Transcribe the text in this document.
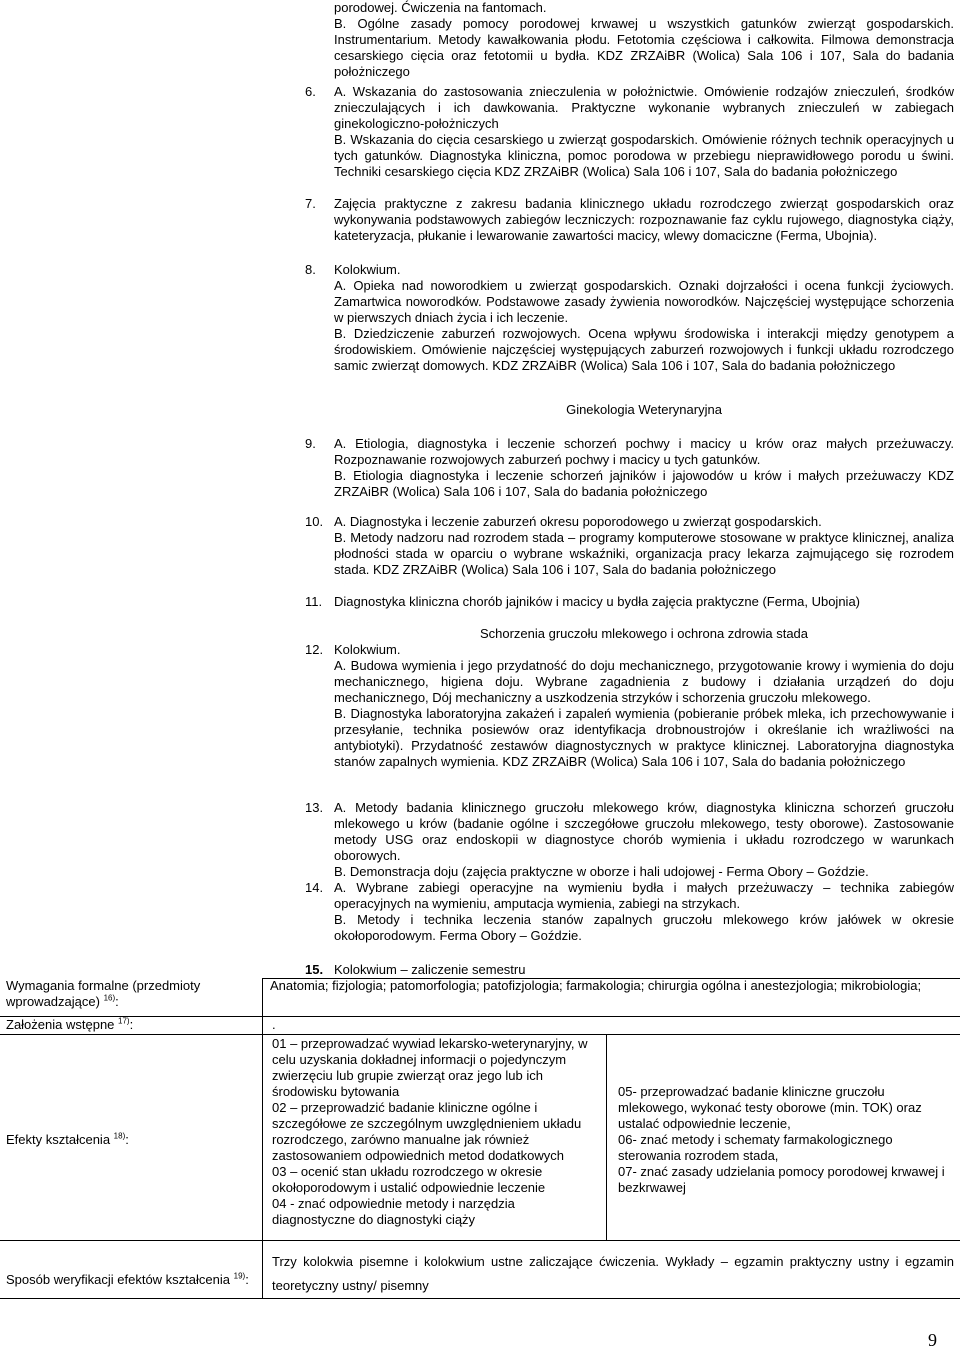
porodowej. Ćwiczenia na fantomach.
B. Ogólne zasady pomocy porodowej krwawej u wszystkich gatunków zwierząt gospodarskich. Instrumentarium. Metody kawałkowania płodu. Fetotomia częściowa i całkowita. Filmowa demonstracja cesarskiego cięcia oraz fetotomii u bydła. KDZ ZRZAiBR (Wolica) Sala 106 i 107, Sala do badania położniczego
6.	A. Wskazania do zastosowania znieczulenia w położnictwie. Omówienie rodzajów znieczuleń, środków znieczulających i ich dawkowania. Praktyczne wykonanie wybranych znieczuleń w zabiegach ginekologiczno-położniczych
B. Wskazania do cięcia cesarskiego u zwierząt gospodarskich. Omówienie różnych technik operacyjnych u tych gatunków. Diagnostyka kliniczna, pomoc porodowa w przebiegu nieprawidłowego porodu u świni. Techniki cesarskiego cięcia KDZ ZRZAiBR (Wolica) Sala 106 i 107, Sala do badania położniczego
7.	Zajęcia praktyczne z zakresu badania klinicznego układu rozrodczego zwierząt gospodarskich oraz wykonywania podstawowych zabiegów leczniczych: rozpoznawanie faz cyklu rujowego, diagnostyka ciąży, kateteryzacja, płukanie i lewarowanie zawartości macicy, wlewy domaciczne (Ferma, Ubojnia).
8.	Kolokwium.
A. Opieka nad noworodkiem u zwierząt gospodarskich. Oznaki dojrzałości i ocena funkcji życiowych. Zamartwica noworodków. Podstawowe zasady żywienia noworodków. Najczęściej występujące schorzenia w pierwszych dniach życia i ich leczenie.
B. Dziedziczenie zaburzeń rozwojowych. Ocena wpływu środowiska i interakcji między genotypem a środowiskiem. Omówienie najczęściej występujących zaburzeń rozwojowych i funkcji układu rozrodczego samic zwierząt domowych. KDZ ZRZAiBR (Wolica) Sala 106 i 107, Sala do badania położniczego
Ginekologia Weterynaryjna
9.	A. Etiologia, diagnostyka i leczenie schorzeń pochwy i macicy u krów oraz małych przeżuwaczy. Rozpoznawanie rozwojowych zaburzeń pochwy i macicy u tych gatunków.
B. Etiologia diagnostyka i leczenie schorzeń jajników i jajowodów u krów i małych przeżuwaczy KDZ ZRZAiBR (Wolica) Sala 106 i 107, Sala do badania położniczego
10. A. Diagnostyka i leczenie zaburzeń okresu poporodowego u zwierząt gospodarskich.
B. Metody nadzoru nad rozrodem stada – programy komputerowe stosowane w praktyce klinicznej, analiza płodności stada w oparciu o wybrane wskaźniki, organizacja pracy lekarza zajmującego się rozrodem stada. KDZ ZRZAiBR (Wolica) Sala 106 i 107, Sala do badania położniczego
11. Diagnostyka kliniczna chorób jajników i macicy u bydła zajęcia praktyczne (Ferma, Ubojnia)
Schorzenia gruczołu mlekowego i ochrona zdrowia stada
12. Kolokwium.
A. Budowa wymienia i jego przydatność do doju mechanicznego, przygotowanie krowy i wymienia do doju mechanicznego, higiena doju. Wybrane zagadnienia z budowy i działania urządzeń do doju mechanicznego, Dój mechaniczny a uszkodzenia strzyków i schorzenia gruczołu mlekowego.
B. Diagnostyka laboratoryjna zakażeń i zapaleń wymienia (pobieranie próbek mleka, ich przechowywanie i przesyłanie, technika posiewów oraz identyfikacja drobnoustrojów i określanie ich wrażliwości na antybiotyki). Przydatność zestawów diagnostycznych w praktyce klinicznej. Laboratoryjna diagnostyka stanów zapalnych wymienia. KDZ ZRZAiBR (Wolica) Sala 106 i 107, Sala do badania położniczego
13. A. Metody badania klinicznego gruczołu mlekowego krów, diagnostyka kliniczna schorzeń gruczołu mlekowego u krów (badanie ogólne i szczegółowe gruczołu mlekowego, testy oborowe). Zastosowanie metody USG oraz endoskopii w diagnostyce chorób wymienia i układu rozrodczego w warunkach oborowych.
B. Demonstracja doju (zajęcia praktyczne w oborze i hali udojowej - Ferma Obory – Goździe.
14. A. Wybrane zabiegi operacyjne na wymieniu bydła i małych przeżuwaczy – technika zabiegów operacyjnych na wymieniu, amputacja wymienia, zabiegi na strzykach.
B. Metody i technika leczenia stanów zapalnych gruczołu mlekowego krów jałówek w okresie okołoporodowym. Ferma Obory – Goździe.
15. Kolokwium – zaliczenie semestru
Wymagania formalne (przedmioty wprowadzające) $^{16)}$:
Anatomia; fizjologia; patomorfologia; patofizjologia; farmakologia; chirurgia ogólna i anestezjologia; mikrobiologia;
Założenia wstępne $^{17)}$:	.
Efekty kształcenia $^{18)}$:
01 – przeprowadzać wywiad lekarsko-weterynaryjny, w celu uzyskania dokładnej informacji o pojedynczym zwierzęciu lub grupie zwierząt oraz jego lub ich środowisku bytowania
02 – przeprowadzić badanie kliniczne ogólne i szczegółowe ze szczególnym uwzględnieniem układu rozrodczego, zarówno manualne jak również zastosowaniem odpowiednich metod dodatkowych
03 – ocenić stan układu rozrodczego w okresie okołoporodowym i ustalić odpowiednie leczenie
04 - znać odpowiednie metody i narzędzia diagnostyczne do diagnostyki ciąży
05- przeprowadzać badanie kliniczne gruczołu mlekowego, wykonać testy oborowe (min. TOK) oraz ustalać odpowiednie leczenie,
06- znać metody i schematy farmakologicznego sterowania rozrodem stada,
07- znać zasady udzielania pomocy porodowej krwawej i bezkrwawej
Sposób weryfikacji efektów kształcenia $^{19)}$:
Trzy kolokwia pisemne i kolokwium ustne zaliczające ćwiczenia. Wykłady – egzamin praktyczny ustny i egzamin teoretyczny ustny/ pisemny
9
